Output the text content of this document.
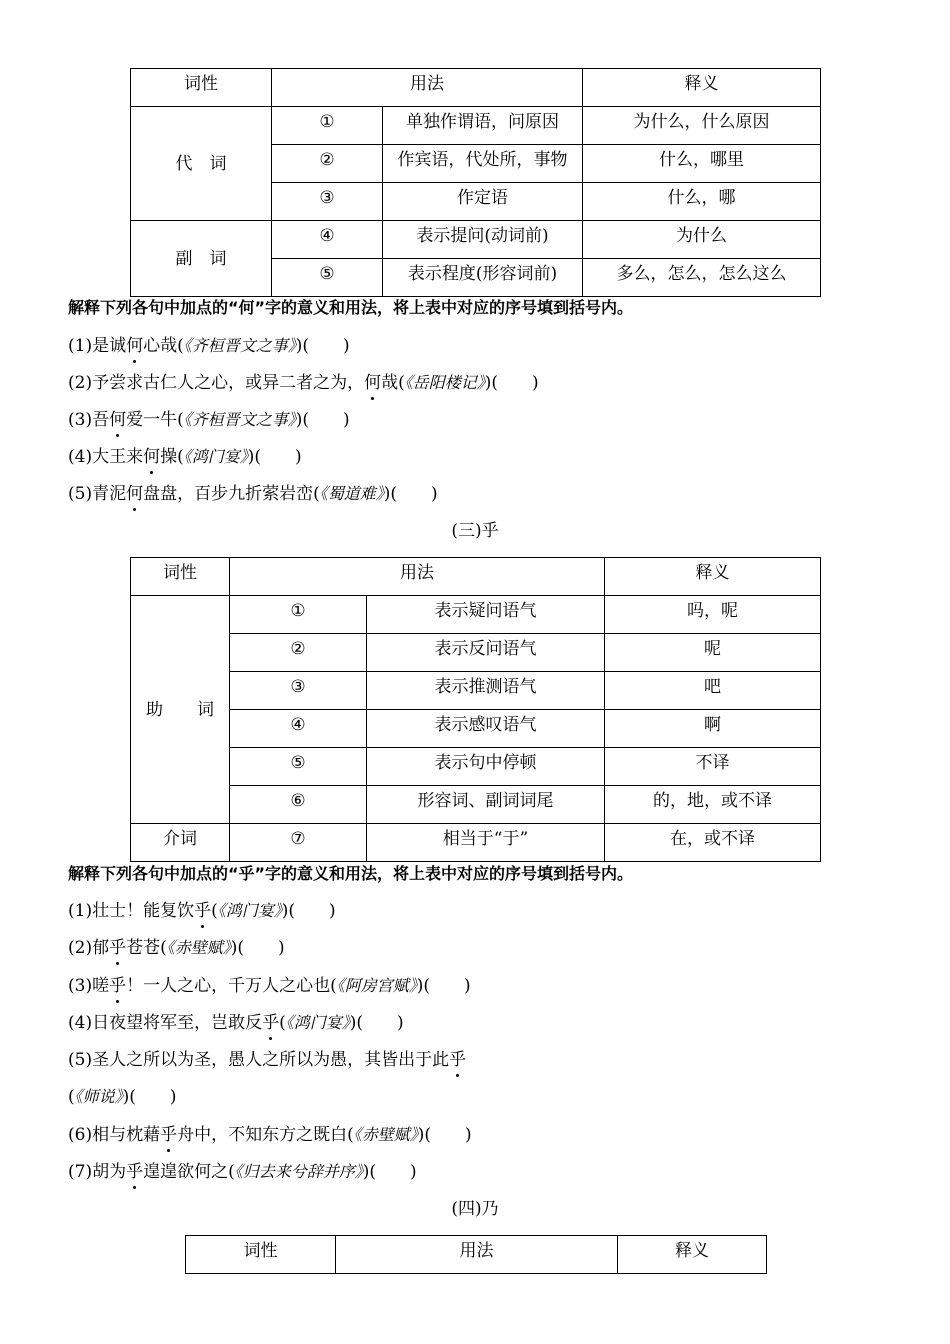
词性	用法		释义
代　词	①	单独作谓语，问原因	为什么，什么原因
	②	作宾语，代处所，事物	什么，哪里
	③	作定语	什么，哪
副　词	④	表示提问(动词前)	为什么
	⑤	表示程度(形容词前)	多么，怎么，怎么这么
解释下列各句中加点的“何”字的意义和用法，将上表中对应的序号填到括号内。
(1)是诚何心哉(《齐桓晋文之事》)(　　)
(2)予尝求古仁人之心，或异二者之为，何哉(《岳阳楼记》)(　　)
(3)吾何爱一牛(《齐桓晋文之事》)(　　)
(4)大王来何操(《鸿门宴》)(　　)
(5)青泥何盘盘，百步九折萦岩峦(《蜀道难》)(　　)
(三)乎
词性	用法		释义
助　　词	①	表示疑问语气	吗，呢
	②	表示反问语气	呢
	③	表示推测语气	吧
	④	表示感叹语气	啊
	⑤	表示句中停顿	不译
	⑥	形容词、副词词尾	的，地，或不译
介词	⑦	相当于“于”	在，或不译
解释下列各句中加点的“乎”字的意义和用法，将上表中对应的序号填到括号内。
(1)壮士！能复饮乎(《鸿门宴》)(　　)
(2)郁乎苍苍(《赤壁赋》)(　　)
(3)嗟乎！一人之心，千万人之心也(《阿房宫赋》)(　　)
(4)日夜望将军至，岂敢反乎(《鸿门宴》)(　　)
(5)圣人之所以为圣，愚人之所以为愚，其皆出于此乎
(《师说》)(　　)
(6)相与枕藉乎舟中，不知东方之既白(《赤壁赋》)(　　)
(7)胡为乎遑遑欲何之(《归去来兮辞并序》)(　　)
(四)乃
词性	用法	释义
